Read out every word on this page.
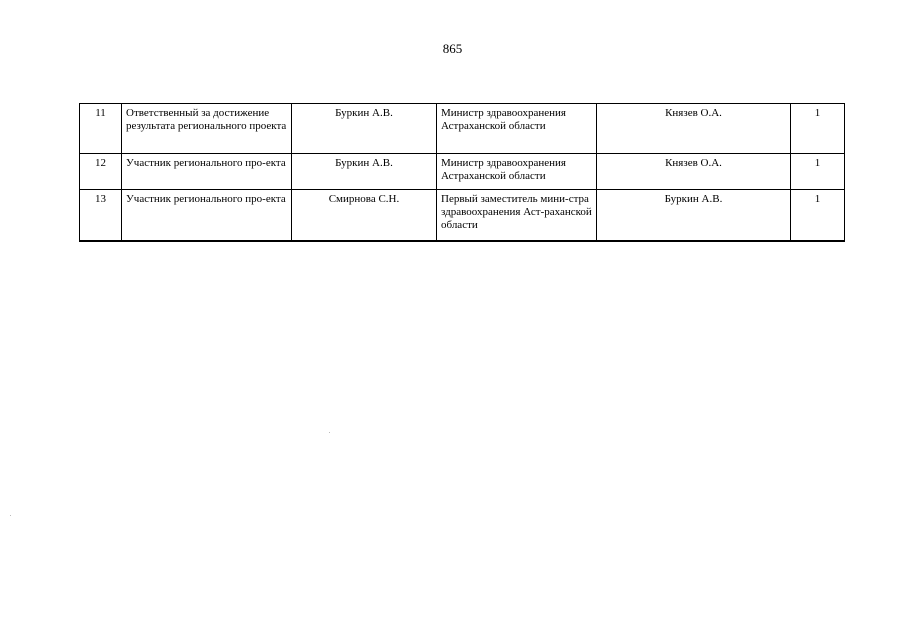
865
11	Ответственный за достижение результата регионального проекта	Буркин А.В.	Министр здравоохранения Астраханской области	Князев О.А.	1
12	Участник регионального про-екта	Буркин А.В.	Министр здравоохранения Астраханской области	Князев О.А.	1
13	Участник регионального про-екта	Смирнова С.Н.	Первый заместитель мини-стра здравоохранения Аст-раханской области	Буркин А.В.	1
